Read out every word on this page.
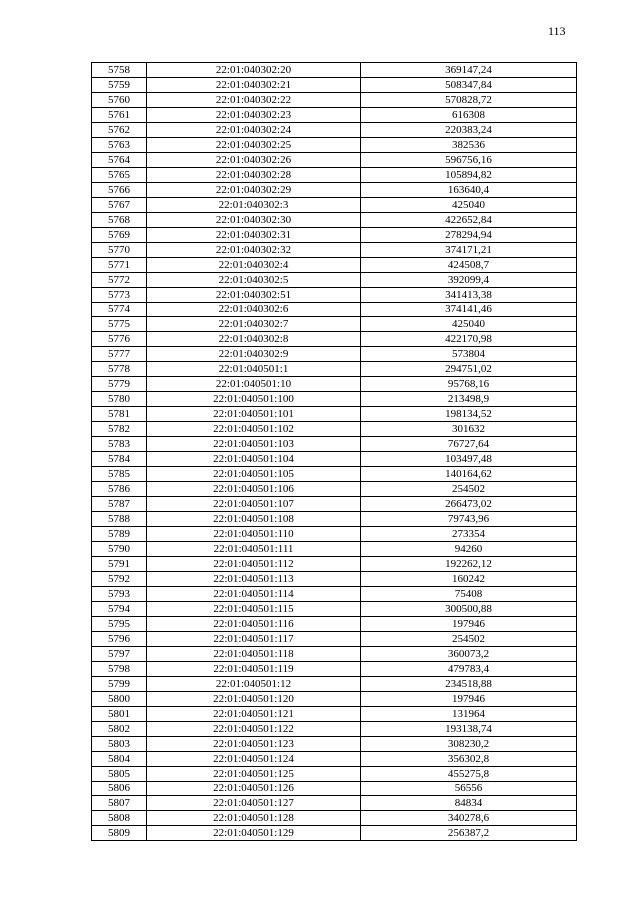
113
5758	22:01:040302:20	369147,24
5759	22:01:040302:21	508347,84
5760	22:01:040302:22	570828,72
5761	22:01:040302:23	616308
5762	22:01:040302:24	220383,24
5763	22:01:040302:25	382536
5764	22:01:040302:26	596756,16
5765	22:01:040302:28	105894,82
5766	22:01:040302:29	163640,4
5767	22:01:040302:3	425040
5768	22:01:040302:30	422652,84
5769	22:01:040302:31	278294,94
5770	22:01:040302:32	374171,21
5771	22:01:040302:4	424508,7
5772	22:01:040302:5	392099,4
5773	22:01:040302:51	341413,38
5774	22:01:040302:6	374141,46
5775	22:01:040302:7	425040
5776	22:01:040302:8	422170,98
5777	22:01:040302:9	573804
5778	22:01:040501:1	294751,02
5779	22:01:040501:10	95768,16
5780	22:01:040501:100	213498,9
5781	22:01:040501:101	198134,52
5782	22:01:040501:102	301632
5783	22:01:040501:103	76727,64
5784	22:01:040501:104	103497,48
5785	22:01:040501:105	140164,62
5786	22:01:040501:106	254502
5787	22:01:040501:107	266473,02
5788	22:01:040501:108	79743,96
5789	22:01:040501:110	273354
5790	22:01:040501:111	94260
5791	22:01:040501:112	192262,12
5792	22:01:040501:113	160242
5793	22:01:040501:114	75408
5794	22:01:040501:115	300500,88
5795	22:01:040501:116	197946
5796	22:01:040501:117	254502
5797	22:01:040501:118	360073,2
5798	22:01:040501:119	479783,4
5799	22:01:040501:12	234518,88
5800	22:01:040501:120	197946
5801	22:01:040501:121	131964
5802	22:01:040501:122	193138,74
5803	22:01:040501:123	308230,2
5804	22:01:040501:124	356302,8
5805	22:01:040501:125	455275,8
5806	22:01:040501:126	56556
5807	22:01:040501:127	84834
5808	22:01:040501:128	340278,6
5809	22:01:040501:129	256387,2
